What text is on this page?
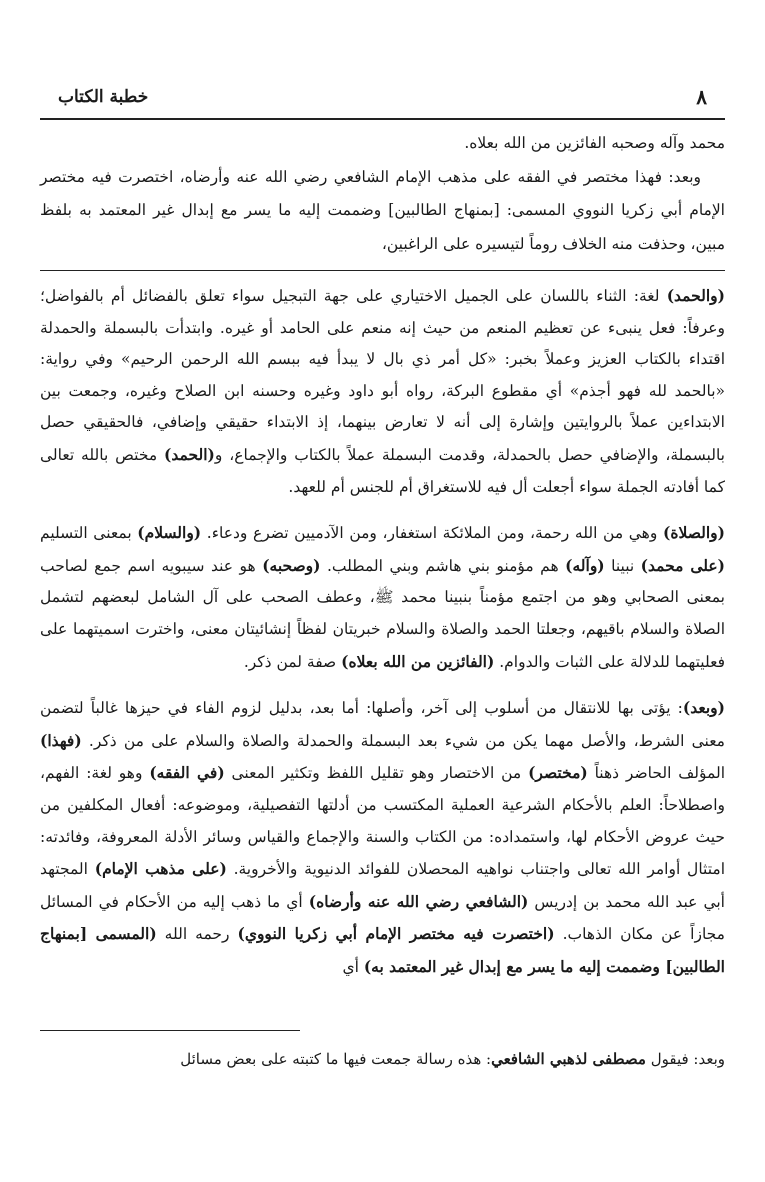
٨
خطبة الكتاب

محمد وآله وصحبه الفائزين من الله بعلاه.

وبعد: فهذا مختصر في الفقه على مذهب الإمام الشافعي رضي الله عنه وأرضاه، اختصرت فيه مختصر الإمام أبي زكريا النووي المسمى: [بمنهاج الطالبين] وضممت إليه ما يسر مع إبدال غير المعتمد به بلفظ مبين، وحذفت منه الخلاف روماً لتيسيره على الراغبين،

(والحمد) لغة: الثناء باللسان على الجميل الاختياري على جهة التبجيل سواء تعلق بالفضائل أم بالفواضل؛ وعرفاً: فعل ينبىء عن تعظيم المنعم من حيث إنه منعم على الحامد أو غيره. وابتدأت بالبسملة والحمدلة اقتداء بالكتاب العزيز وعملاً بخبر: «كل أمر ذي بال لا يبدأ فيه ببسم الله الرحمن الرحيم» وفي رواية: «بالحمد لله فهو أجذم» أي مقطوع البركة، رواه أبو داود وغيره وحسنه ابن الصلاح وغيره، وجمعت بين الابتداءين عملاً بالروايتين وإشارة إلى أنه لا تعارض بينهما، إذ الابتداء حقيقي وإضافي، فالحقيقي حصل بالبسملة، والإضافي حصل بالحمدلة، وقدمت البسملة عملاً بالكتاب والإجماع، و(الحمد) مختص بالله تعالى كما أفادته الجملة سواء أجعلت أل فيه للاستغراق أم للجنس أم للعهد.

(والصلاة) وهي من الله رحمة، ومن الملائكة استغفار، ومن الآدميين تضرع ودعاء. (والسلام) بمعنى التسليم (على محمد) نبينا (وآله) هم مؤمنو بني هاشم وبني المطلب. (وصحبه) هو عند سيبويه اسم جمع لصاحب بمعنى الصحابي وهو من اجتمع مؤمناً بنبينا محمد ﷺ، وعطف الصحب على آل الشامل لبعضهم لتشمل الصلاة والسلام باقيهم، وجعلتا الحمد والصلاة والسلام خبريتان لفظاً إنشائيتان معنى، واخترت اسميتهما على فعليتهما للدلالة على الثبات والدوام. (الفائزين من الله بعلاه) صفة لمن ذكر.

(وبعد): يؤتى بها للانتقال من أسلوب إلى آخر، وأصلها: أما بعد، بدليل لزوم الفاء في حيزها غالباً لتضمن معنى الشرط، والأصل مهما يكن من شيء بعد البسملة والحمدلة والصلاة والسلام على من ذكر. (فهذا) المؤلف الحاضر ذهناً (مختصر) من الاختصار وهو تقليل اللفظ وتكثير المعنى (في الفقه) وهو لغة: الفهم، واصطلاحاً: العلم بالأحكام الشرعية العملية المكتسب من أدلتها التفصيلية، وموضوعه: أفعال المكلفين من حيث عروض الأحكام لها، واستمداده: من الكتاب والسنة والإجماع والقياس وسائر الأدلة المعروفة، وفائدته: امتثال أوامر الله تعالى واجتناب نواهيه المحصلان للفوائد الدنيوية والأخروية. (على مذهب الإمام) المجتهد أبي عبد الله محمد بن إدريس (الشافعي رضي الله عنه وأرضاه) أي ما ذهب إليه من الأحكام في المسائل مجازاً عن مكان الذهاب. (اختصرت فيه مختصر الإمام أبي زكريا النووي) رحمه الله (المسمى [بمنهاج الطالبين] وضممت إليه ما يسر مع إبدال غير المعتمد به) أي

وبعد: فيقول مصطفى لذهبي الشافعي: هذه رسالة جمعت فيها ما كتبته على بعض مسائل
